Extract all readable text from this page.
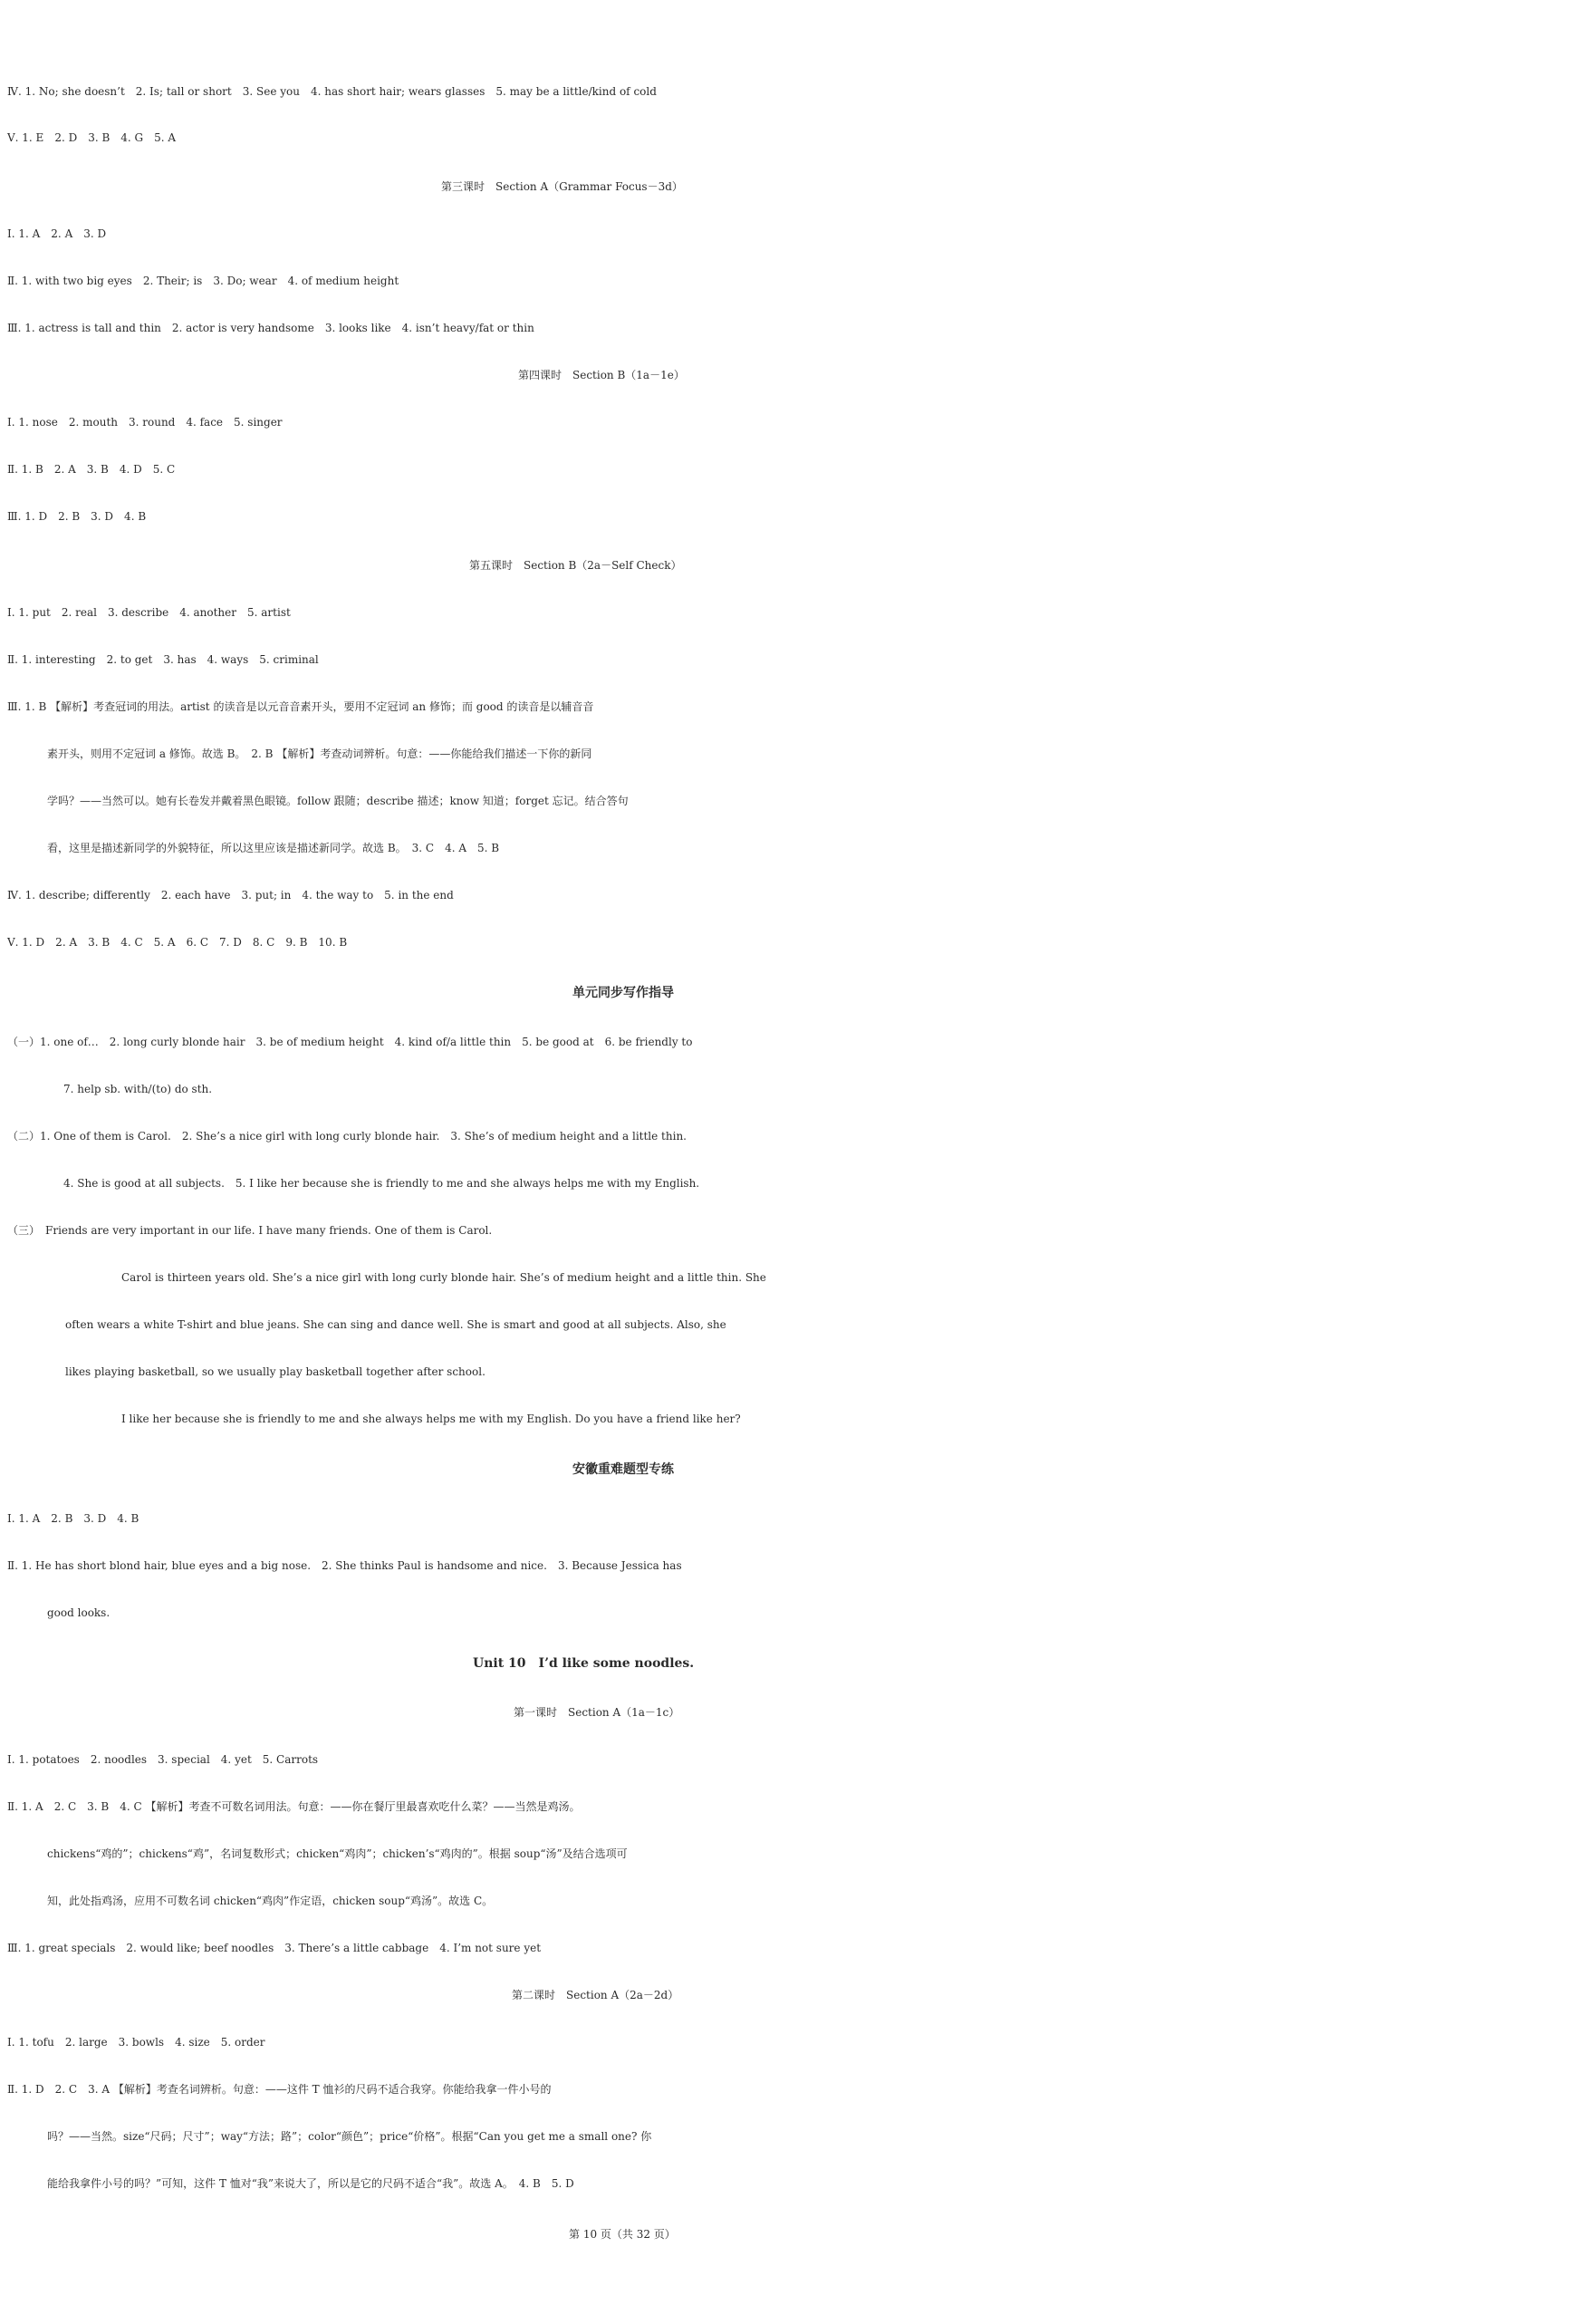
Ⅳ. 1. No; she doesn’t　2. Is; tall or short　3. See you　4. has short hair; wears glasses　5. may be a little/kind of cold
Ⅴ. 1. E　2. D　3. B　4. G　5. A
第三课时　Section A（Grammar Focus－3d）
Ⅰ. 1. A　2. A　3. D
Ⅱ. 1. with two big eyes　2. Their; is　3. Do; wear　4. of medium height
Ⅲ. 1. actress is tall and thin　2. actor is very handsome　3. looks like　4. isn’t heavy/fat or thin
第四课时　Section B（1a－1e）
Ⅰ. 1. nose　2. mouth　3. round　4. face　5. singer
Ⅱ. 1. B　2. A　3. B　4. D　5. C
Ⅲ. 1. D　2. B　3. D　4. B
第五课时　Section B（2a－Self Check）
Ⅰ. 1. put　2. real　3. describe　4. another　5. artist
Ⅱ. 1. interesting　2. to get　3. has　4. ways　5. criminal
Ⅲ. 1. B 【解析】考查冠词的用法。artist 的读音是以元音音素开头，要用不定冠词 an 修饰；而 good 的读音是以辅音音
素开头，则用不定冠词 a 修饰。故选 B。　2. B 【解析】考查动词辨析。句意：——你能给我们描述一下你的新同
学吗？——当然可以。她有长卷发并戴着黑色眼镜。follow 跟随；describe 描述；know 知道；forget 忘记。结合答句
看，这里是描述新同学的外貌特征，所以这里应该是描述新同学。故选 B。　3. C　4. A　5. B
Ⅳ. 1. describe; differently　2. each have　3. put; in　4. the way to　5. in the end
Ⅴ. 1. D　2. A　3. B　4. C　5. A　6. C　7. D　8. C　9. B　10. B
单元同步写作指导
（一）1. one of…　2. long curly blonde hair　3. be of medium height　4. kind of/a little thin　5. be good at　6. be friendly to
7. help sb. with/(to) do sth.
（二）1. One of them is Carol.　2. She’s a nice girl with long curly blonde hair.　3. She’s of medium height and a little thin.
4. She is good at all subjects.　5. I like her because she is friendly to me and she always helps me with my English.
（三）　Friends are very important in our life. I have many friends. One of them is Carol.
Carol is thirteen years old. She’s a nice girl with long curly blonde hair. She’s of medium height and a little thin. She
often wears a white T-shirt and blue jeans. She can sing and dance well. She is smart and good at all subjects. Also, she
likes playing basketball, so we usually play basketball together after school.
I like her because she is friendly to me and she always helps me with my English. Do you have a friend like her?
安徽重难题型专练
Ⅰ. 1. A　2. B　3. D　4. B
Ⅱ. 1. He has short blond hair, blue eyes and a big nose.　2. She thinks Paul is handsome and nice.　3. Because Jessica has
good looks.
Unit 10　I’d like some noodles.
第一课时　Section A（1a－1c）
Ⅰ. 1. potatoes　2. noodles　3. special　4. yet　5. Carrots
Ⅱ. 1. A　2. C　3. B　4. C 【解析】考查不可数名词用法。句意：——你在餐厅里最喜欢吃什么菜？——当然是鸡汤。
chickens“鸡的”；chickens“鸡”，名词复数形式；chicken“鸡肉”；chicken’s“鸡肉的”。根据 soup“汤”及结合选项可
知，此处指鸡汤，应用不可数名词 chicken“鸡肉”作定语，chicken soup“鸡汤”。故选 C。
Ⅲ. 1. great specials　2. would like; beef noodles　3. There’s a little cabbage　4. I’m not sure yet
第二课时　Section A（2a－2d）
Ⅰ. 1. tofu　2. large　3. bowls　4. size　5. order
Ⅱ. 1. D　2. C　3. A 【解析】考查名词辨析。句意：——这件 T 恤衫的尺码不适合我穿。你能给我拿一件小号的
吗？——当然。size“尺码；尺寸”；way“方法；路”；color“颜色”；price“价格”。根据“Can you get me a small one? 你
能给我拿件小号的吗？”可知，这件 T 恤对“我”来说大了，所以是它的尺码不适合“我”。故选 A。　4. B　5. D
第 10 页（共 32 页）
